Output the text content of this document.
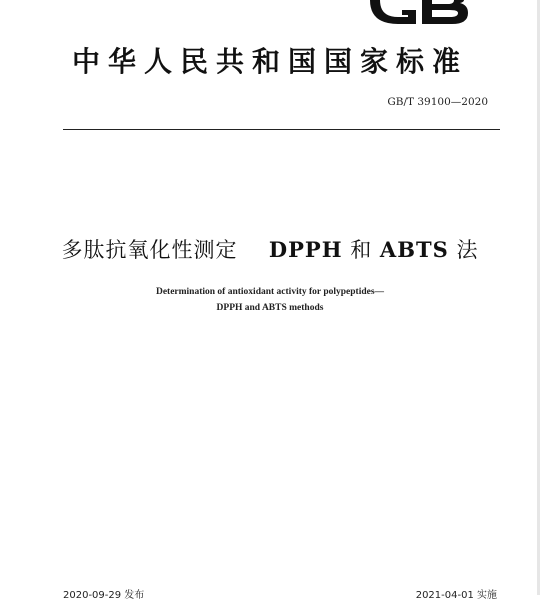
中华人民共和国国家标准
GB/T 39100—2020
多肽抗氧化性测定 DPPH 和 ABTS 法
Determination of antioxidant activity for polypeptides—
DPPH and ABTS methods
2020-09-29 发布	2021-04-01 实施
